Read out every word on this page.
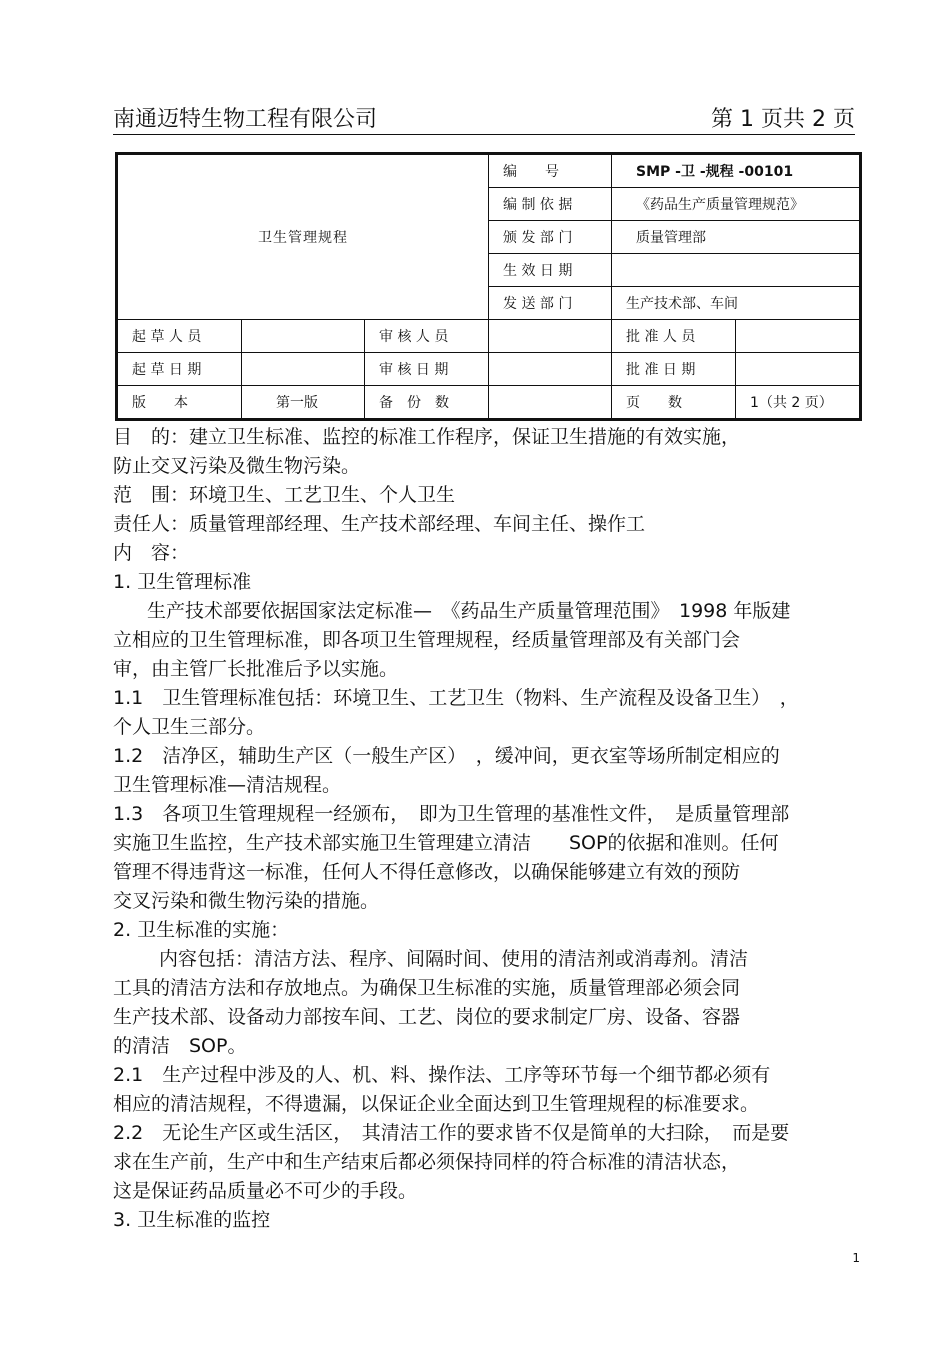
南通迈特生物工程有限公司	第 1 页共 2 页
卫生管理规程			编　　号	SMP -卫 -规程 -00101	
			编 制 依 据	《药品生产质量管理规范》	
			颁 发 部 门	质量管理部	
			生 效 日 期		
			发 送 部 门	生产技术部、车间	
起 草 人 员		审 核 人 员		批 准 人 员	
起 草 日 期		审 核 日 期		批 准 日 期	
版　　本	第一版	备　份　数		页　　数	1（共 2 页）

目　的：建立卫生标准、监控的标准工作程序，保证卫生措施的有效实施，

防止交叉污染及微生物污染。

范　围：环境卫生、工艺卫生、个人卫生

责任人：质量管理部经理、生产技术部经理、车间主任、操作工

内　容：

1. 卫生管理标准

生产技术部要依据国家法定标准—　《药品生产质量管理范围》　1998 年版建

立相应的卫生管理标准，即各项卫生管理规程，经质量管理部及有关部门会

审，由主管厂长批准后予以实施。

1.1　卫生管理标准包括：环境卫生、工艺卫生（物料、生产流程及设备卫生）　，

个人卫生三部分。

1.2　洁净区，辅助生产区（一般生产区）　，缓冲间，更衣室等场所制定相应的

卫生管理标准—清洁规程。

1.3　各项卫生管理规程一经颁布，　即为卫生管理的基准性文件，　是质量管理部

实施卫生监控，生产技术部实施卫生管理建立清洁　　SOP的依据和准则。任何

管理不得违背这一标准，任何人不得任意修改，以确保能够建立有效的预防

交叉污染和微生物污染的措施。

2. 卫生标准的实施：

内容包括：清洁方法、程序、间隔时间、使用的清洁剂或消毒剂。清洁

工具的清洁方法和存放地点。为确保卫生标准的实施，质量管理部必须会同

生产技术部、设备动力部按车间、工艺、岗位的要求制定厂房、设备、容器

的清洁　SOP。

2.1　生产过程中涉及的人、机、料、操作法、工序等环节每一个细节都必须有

相应的清洁规程，不得遗漏，以保证企业全面达到卫生管理规程的标准要求。

2.2　无论生产区或生活区，　其清洁工作的要求皆不仅是简单的大扫除，　而是要

求在生产前，生产中和生产结束后都必须保持同样的符合标准的清洁状态，

这是保证药品质量必不可少的手段。

3. 卫生标准的监控

1
